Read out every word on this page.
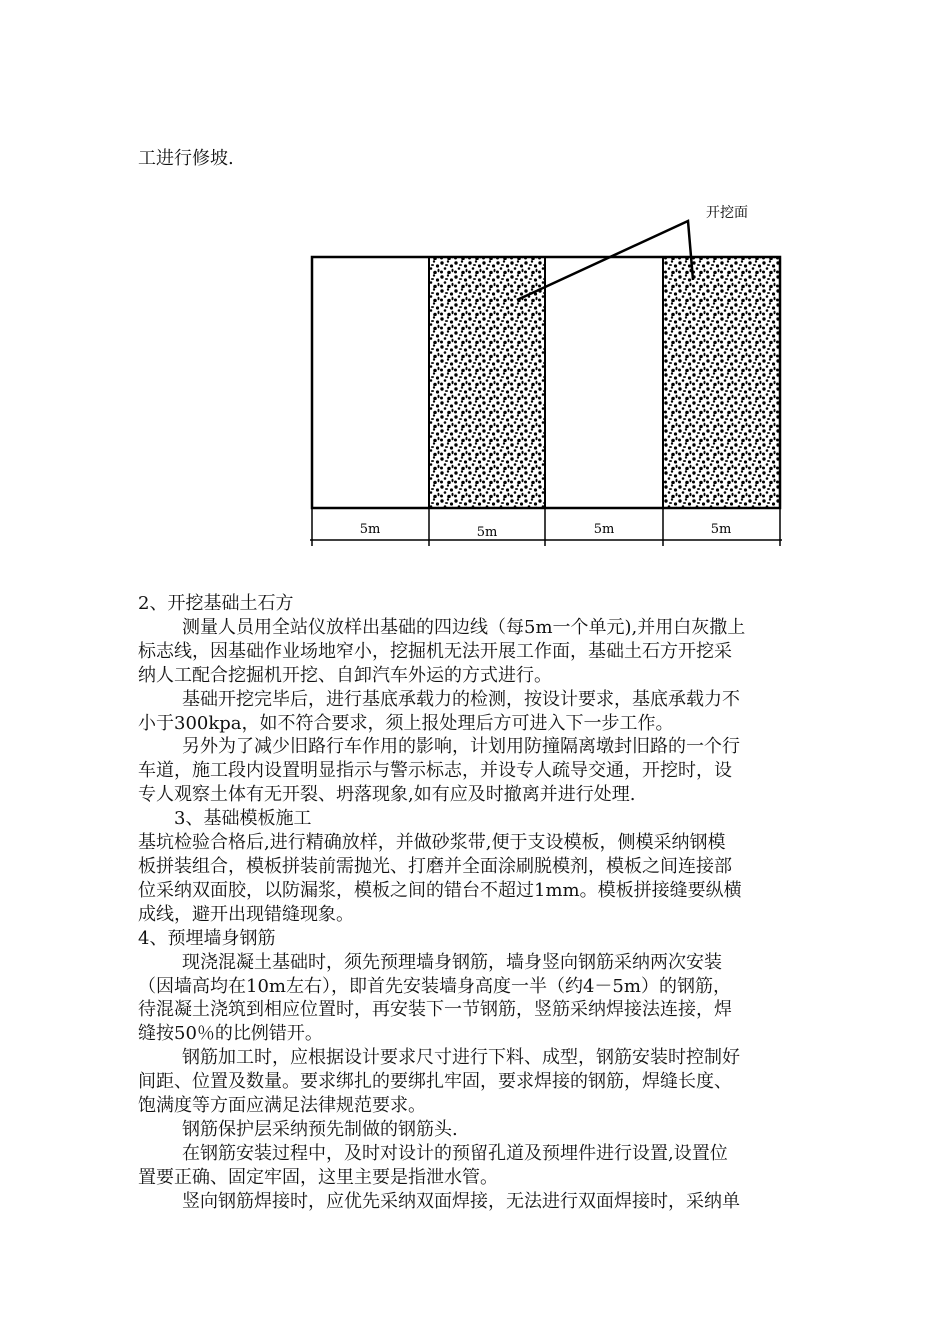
工进行修坡.
5m	5m	5m	5m
开挖面

2、开挖基础土石方

测量人员用全站仪放样出基础的四边线（每5m一个单元),并用白灰撒上

标志线，因基础作业场地窄小，挖掘机无法开展工作面，基础土石方开挖采

纳人工配合挖掘机开挖、自卸汽车外运的方式进行。

基础开挖完毕后，进行基底承载力的检测，按设计要求，基底承载力不

小于300kpa，如不符合要求，须上报处理后方可进入下一步工作。

另外为了减少旧路行车作用的影响，计划用防撞隔离墩封旧路的一个行

车道，施工段内设置明显指示与警示标志，并设专人疏导交通，开挖时，设

专人观察土体有无开裂、坍落现象,如有应及时撤离并进行处理.

3、基础模板施工

基坑检验合格后,进行精确放样，并做砂浆带,便于支设模板，侧模采纳钢模

板拼装组合，模板拼装前需抛光、打磨并全面涂刷脱模剂，模板之间连接部

位采纳双面胶，以防漏浆，模板之间的错台不超过1mm。模板拼接缝要纵横

成线，避开出现错缝现象。

4、预埋墙身钢筋

现浇混凝土基础时，须先预理墙身钢筋，墙身竖向钢筋采纳两次安装

（因墙高均在10m左右），即首先安装墙身高度一半（约4－5m）的钢筋，

待混凝土浇筑到相应位置时，再安装下一节钢筋，竖筋采纳焊接法连接，焊

缝按50％的比例错开。

钢筋加工时，应根据设计要求尺寸进行下料、成型，钢筋安装时控制好

间距、位置及数量。要求绑扎的要绑扎牢固，要求焊接的钢筋，焊缝长度、

饱满度等方面应满足法律规范要求。

钢筋保护层采纳预先制做的钢筋头.

在钢筋安装过程中，及时对设计的预留孔道及预埋件进行设置,设置位

置要正确、固定牢固，这里主要是指泄水管。

竖向钢筋焊接时，应优先采纳双面焊接，无法进行双面焊接时，采纳单
